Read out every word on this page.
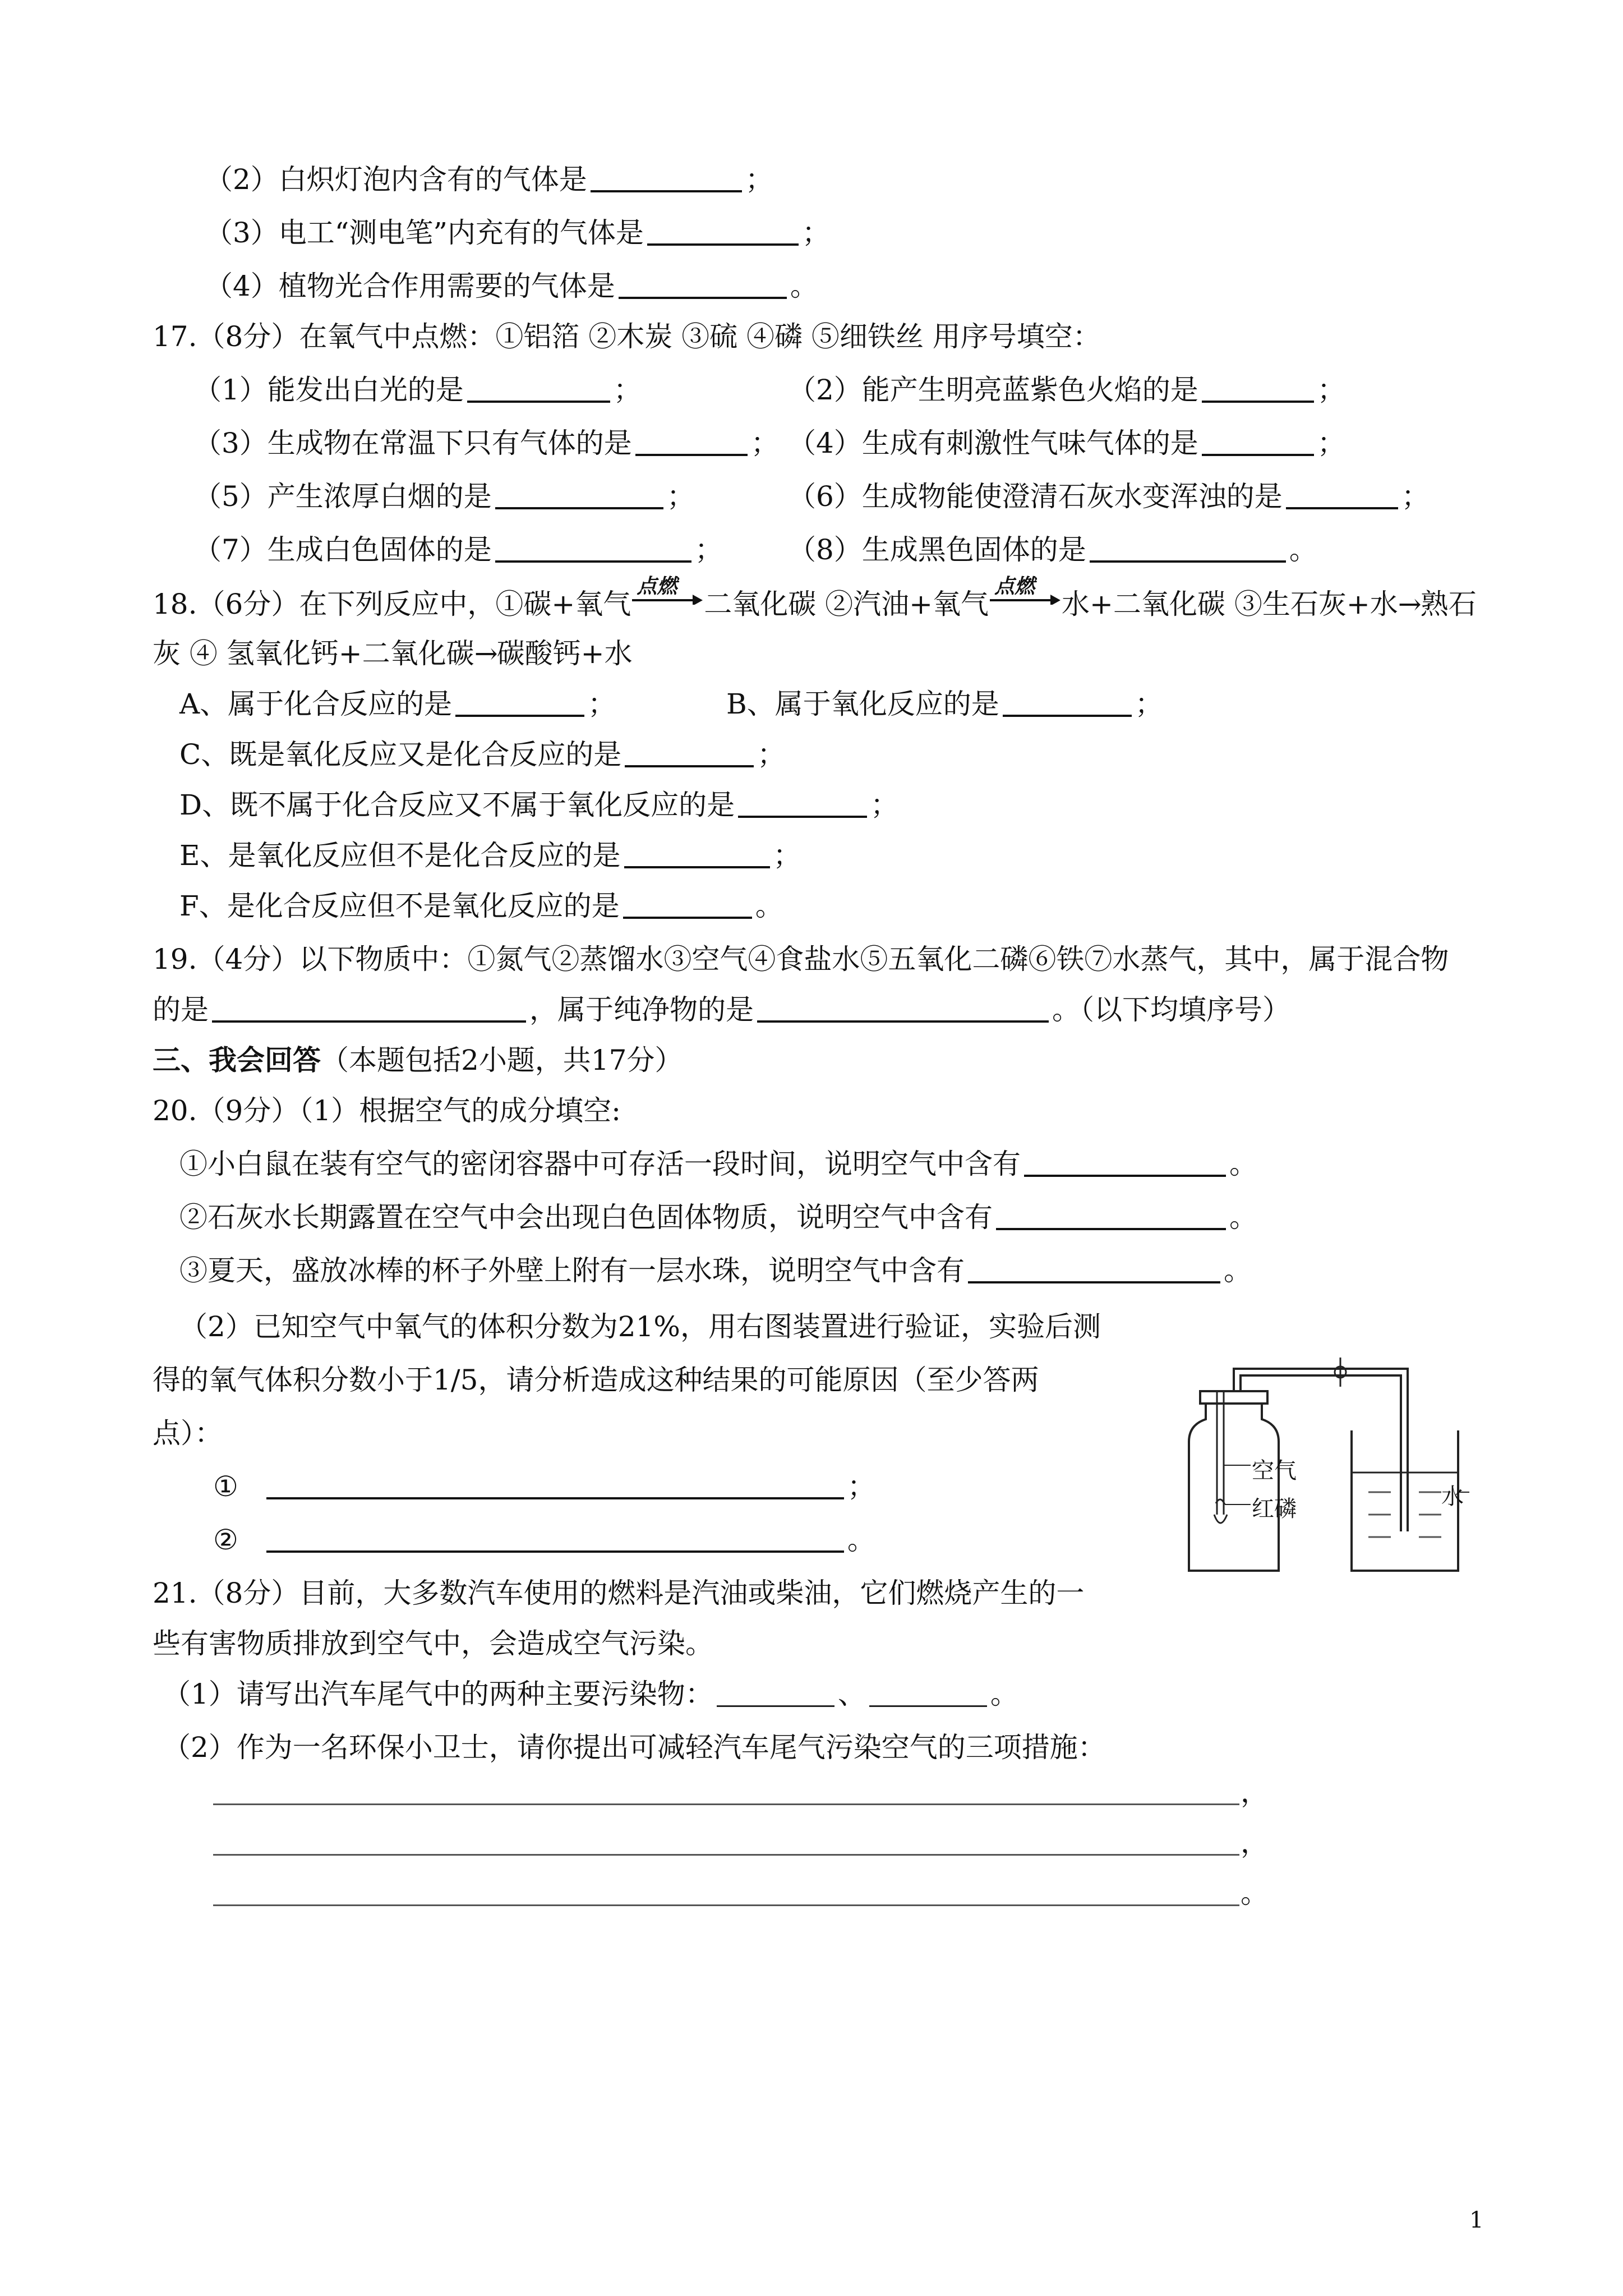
（2）白炽灯泡内含有的气体是	；
（3）电工“测电笔”内充有的气体是	；
（4）植物光合作用需要的气体是	。
17.（8分）在氧气中点燃：①铝箔 ②木炭 ③硫 ④磷 ⑤细铁丝 用序号填空：
（1）能发出白光的是	；	（2）能产生明亮蓝紫色火焰的是	；
（3）生成物在常温下只有气体的是	； （4）生成有刺激性气味气体的是	；
（5）产生浓厚白烟的是	；	（6）生成物能使澄清石灰水变浑浊的是	；
（7）生成白色固体的是	； （8）生成黑色固体的是	。
18.（6分）在下列反应中，①碳+氧气
点燃
二氧化碳 ②汽油+氧气
点燃
水+二氧化碳 ③生石灰+水→熟石
灰 ④ 氢氧化钙+二氧化碳→碳酸钙+水
A、属于化合反应的是	；	B、属于氧化反应的是	；
C、既是氧化反应又是化合反应的是	；
D、既不属于化合反应又不属于氧化反应的是	；
E、是氧化反应但不是化合反应的是	；
F、是化合反应但不是氧化反应的是	。
19.（4分）以下物质中：①氮气②蒸馏水③空气④食盐水⑤五氧化二磷⑥铁⑦水蒸气，其中，属于混合物
的是	，属于纯净物的是	。（以下均填序号）
三、我会回答（本题包括2小题，共17分）
20.（9分）（1）根据空气的成分填空:
①小白鼠在装有空气的密闭容器中可存活一段时间，说明空气中含有	。
②石灰水长期露置在空气中会出现白色固体物质，说明空气中含有	。
③夏天，盛放冰棒的杯子外壁上附有一层水珠，说明空气中含有	。
（2）已知空气中氧气的体积分数为21%，用右图装置进行验证，实验后测
得的氧气体积分数小于1/5，请分析造成这种结果的可能原因（至少答两
点）：
①	；
②	。
空气
红磷	水
21.（8分）目前，大多数汽车使用的燃料是汽油或柴油，它们燃烧产生的一
些有害物质排放到空气中，会造成空气污染。
（1）请写出汽车尾气中的两种主要污染物：	、	。
（2）作为一名环保小卫士，请你提出可减轻汽车尾气污染空气的三项措施：
，
，
。
1
